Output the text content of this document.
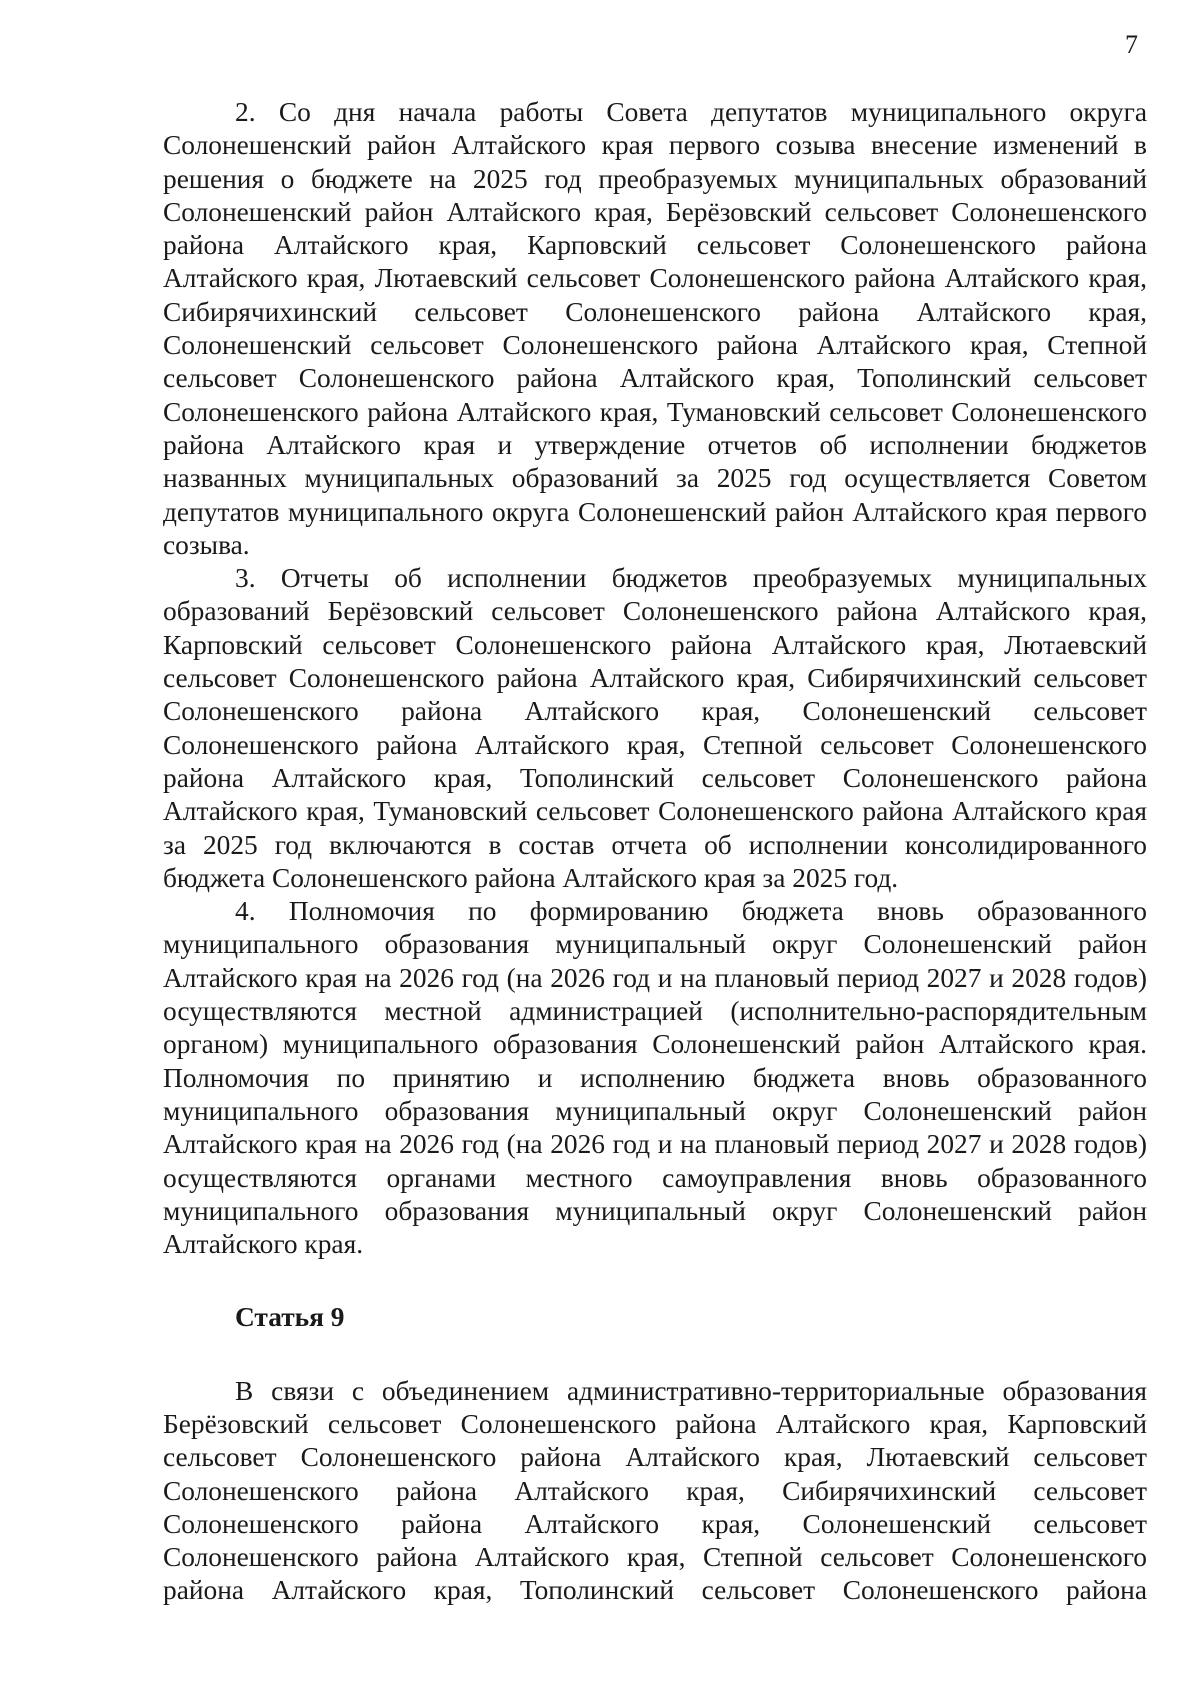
7

2. Со дня начала работы Совета депутатов муниципального округа Солонешенский район Алтайского края первого созыва внесение изменений в решения о бюджете на 2025 год преобразуемых муниципальных образований Солонешенский район Алтайского края, Берёзовский сельсовет Солонешенского района Алтайского края, Карповский сельсовет Солонешенского района Алтайского края, Лютаевский сельсовет Солонешенского района Алтайского края, Сибирячихинский сельсовет Солонешенского района Алтайского края, Солонешенский сельсовет Солонешенского района Алтайского края, Степной сельсовет Солонешенского района Алтайского края, Тополинский сельсовет Солонешенского района Алтайского края, Тумановский сельсовет Солонешенского района Алтайского края и утверждение отчетов об исполнении бюджетов названных муниципальных образований за 2025 год осуществляется Советом депутатов муниципального округа Солонешенский район Алтайского края первого созыва.

3. Отчеты об исполнении бюджетов преобразуемых муниципальных образований Берёзовский сельсовет Солонешенского района Алтайского края, Карповский сельсовет Солонешенского района Алтайского края, Лютаевский сельсовет Солонешенского района Алтайского края, Сибирячихинский сельсовет Солонешенского района Алтайского края, Солонешенский сельсовет Солонешенского района Алтайского края, Степной сельсовет Солонешенского района Алтайского края, Тополинский сельсовет Солонешенского района Алтайского края, Тумановский сельсовет Солонешенского района Алтайского края за 2025 год включаются в состав отчета об исполнении консолидированного бюджета Солонешенского района Алтайского края за 2025 год.

4. Полномочия по формированию бюджета вновь образованного муниципального образования муниципальный округ Солонешенский район Алтайского края на 2026 год (на 2026 год и на плановый период 2027 и 2028 годов) осуществляются местной администрацией (исполнительно-распорядительным органом) муниципального образования Солонешенский район Алтайского края. Полномочия по принятию и исполнению бюджета вновь образованного муниципального образования муниципальный округ Солонешенский район Алтайского края на 2026 год (на 2026 год и на плановый период 2027 и 2028 годов) осуществляются органами местного самоуправления вновь образованного муниципального образования муниципальный округ Солонешенский район Алтайского края.

Статья 9

В связи с объединением административно-территориальные образования Берёзовский сельсовет Солонешенского района Алтайского края, Карповский сельсовет Солонешенского района Алтайского края, Лютаевский сельсовет Солонешенского района Алтайского края, Сибирячихинский сельсовет Солонешенского района Алтайского края, Солонешенский сельсовет Солонешенского района Алтайского края, Степной сельсовет Солонешенского района Алтайского края, Тополинский сельсовет Солонешенского района
